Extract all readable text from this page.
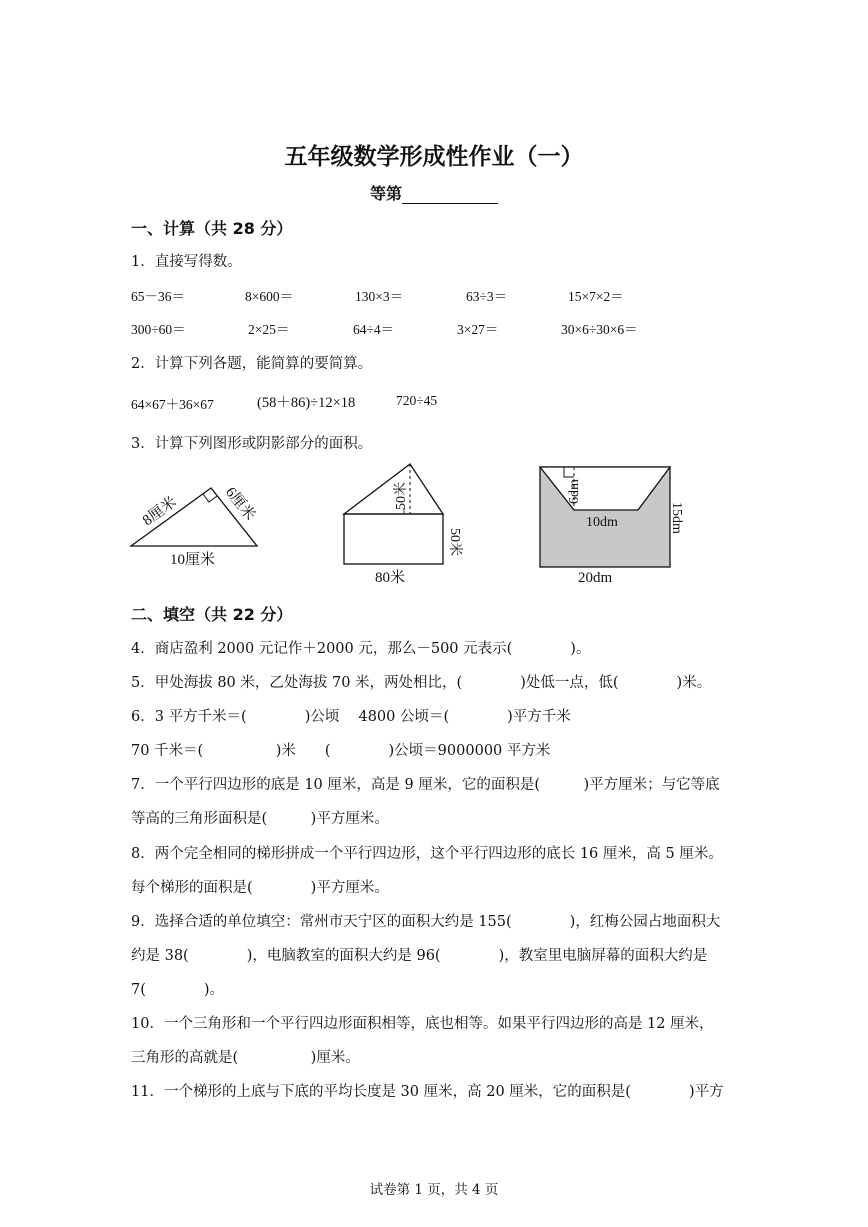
五年级数学形成性作业（一）
等第
一、计算（共 28 分）
1．直接写得数。
65－36＝	8×600＝	130×3＝	63÷3＝	15×7×2＝
300÷60＝	2×25＝	64÷4＝	3×27＝	30×6÷30×6＝
2．计算下列各题，能简算的要简算。
64×67＋36×67	(58＋86)÷12×18	720÷45
3．计算下列图形或阴影部分的面积。
8厘米	6厘米
10厘米
50米
50米
80米
6dm
10dm	15dm
20dm
二、填空（共 22 分）
4．商店盈利 2000 元记作＋2000 元，那么－500 元表示(　　　　)。
5．甲处海拔 80 米，乙处海拔 70 米，两处相比，(　　　　)处低一点，低(　　　　)米。
6．3 平方千米＝(　　　　)公顷　 4800 公顷＝(　　　　)平方千米
70 千米＝(　　　　　)米　　(　　　　)公顷＝9000000 平方米
7．一个平行四边形的底是 10 厘米，高是 9 厘米，它的面积是(　　　)平方厘米；与它等底
等高的三角形面积是(　　　)平方厘米。
8．两个完全相同的梯形拼成一个平行四边形，这个平行四边形的底长 16 厘米，高 5 厘米。
每个梯形的面积是(　　　　)平方厘米。
9．选择合适的单位填空：常州市天宁区的面积大约是 155(　　　　)，红梅公园占地面积大
约是 38(　　　　)，电脑教室的面积大约是 96(　　　　)，教室里电脑屏幕的面积大约是
7(　　　　)。
10．一个三角形和一个平行四边形面积相等，底也相等。如果平行四边形的高是 12 厘米，
三角形的高就是(　　　　　)厘米。
11．一个梯形的上底与下底的平均长度是 30 厘米，高 20 厘米，它的面积是(　　　　)平方
试卷第 1 页，共 4 页
